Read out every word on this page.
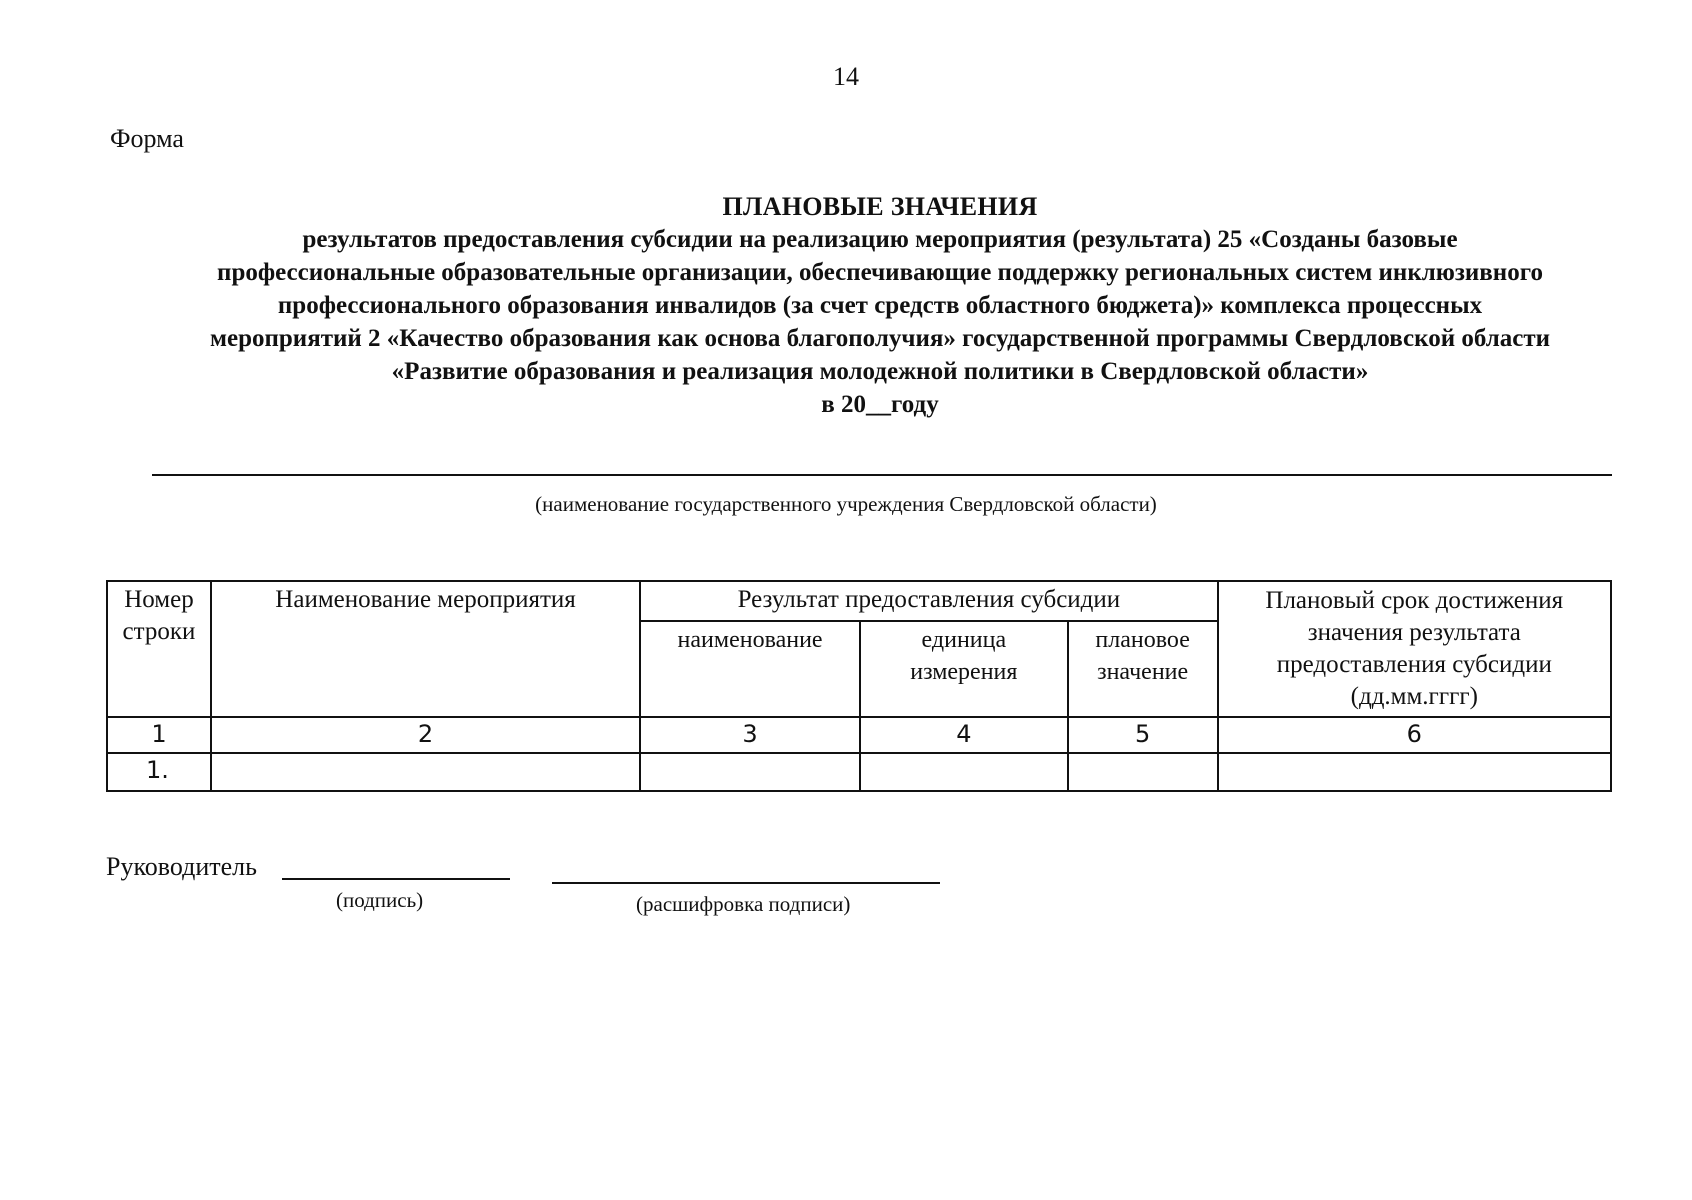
14
Форма
ПЛАНОВЫЕ ЗНАЧЕНИЯ
результатов предоставления субсидии на реализацию мероприятия (результата) 25 «Созданы базовые
профессиональные образовательные организации, обеспечивающие поддержку региональных систем инклюзивного
профессионального образования инвалидов (за счет средств областного бюджета)» комплекса процессных
мероприятий 2 «Качество образования как основа благополучия» государственной программы Свердловской области
«Развитие образования и реализация молодежной политики в Свердловской области»
в 20__году
(наименование государственного учреждения Свердловской области)
Номер строки	Наименование мероприятия	Результат предоставления субсидии			Плановый срок достижения значения результата предоставления субсидии (дд.мм.гггг)
		наименование	единица измерения	плановое значение	
1	2	3	4	5	6
1.					
Руководитель
(подпись)	(расшифровка подписи)
